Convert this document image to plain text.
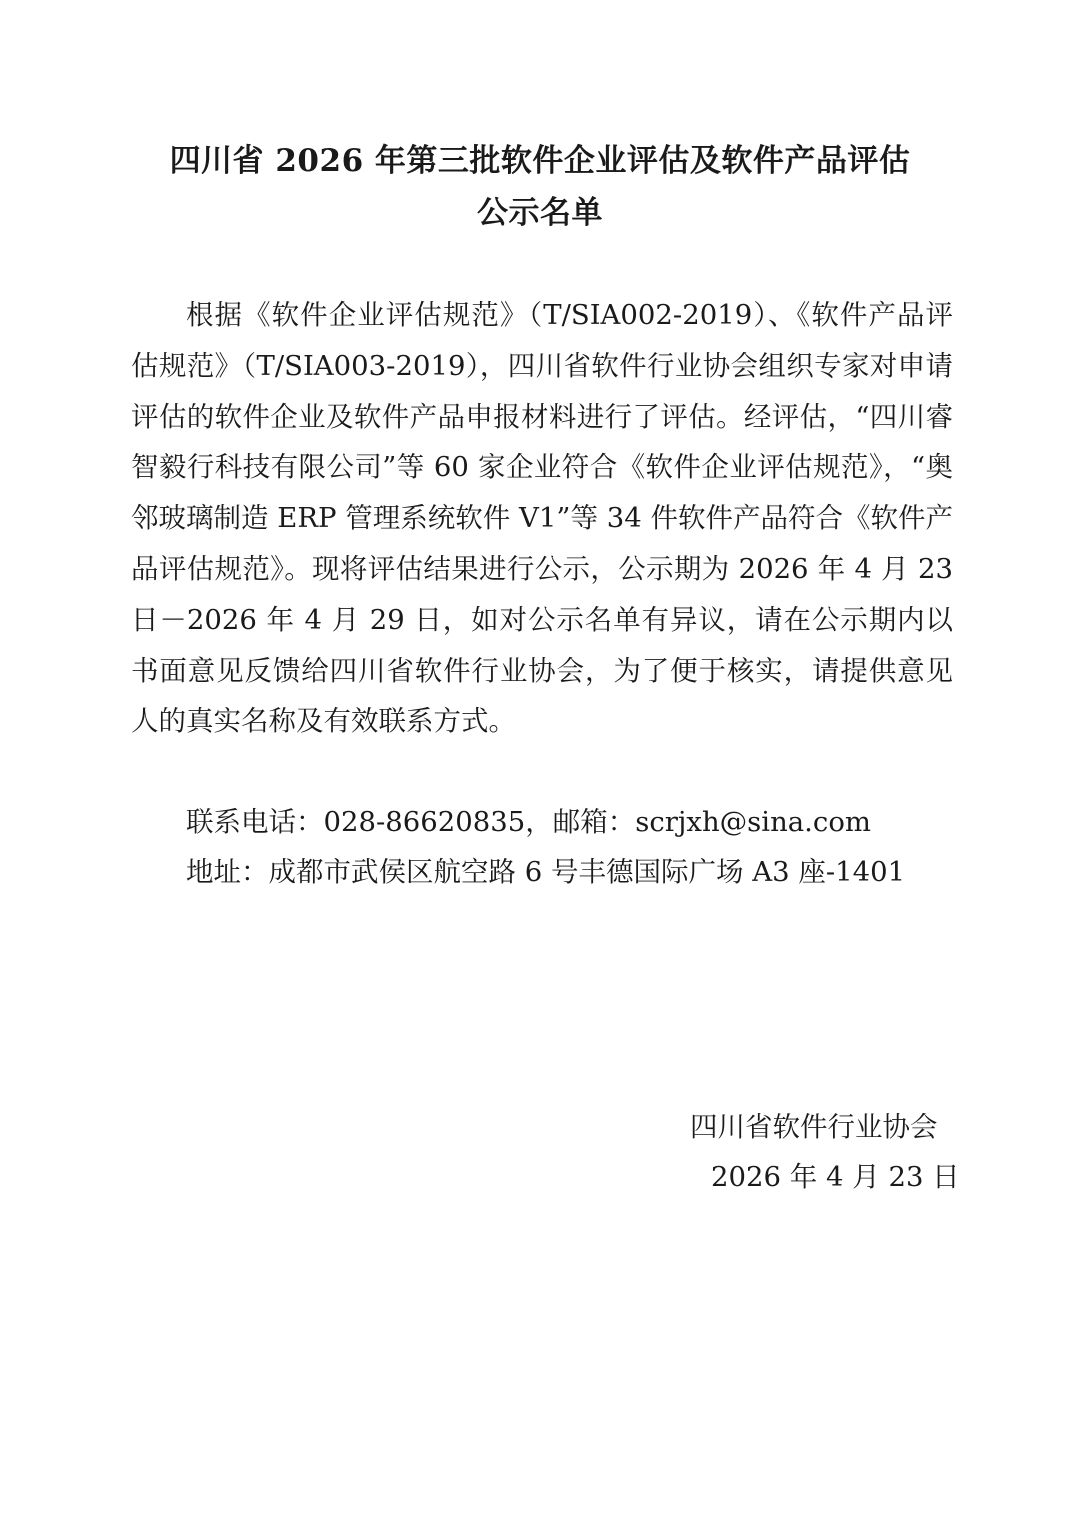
四川省 2026 年第三批软件企业评估及软件产品评估
公示名单

根据《软件企业评估规范》（T/SIA002-2019）、《软件产品评估规范》（T/SIA003-2019），四川省软件行业协会组织专家对申请评估的软件企业及软件产品申报材料进行了评估。经评估，“四川睿智毅行科技有限公司”等 60 家企业符合《软件企业评估规范》，“奥邻玻璃制造 ERP 管理系统软件 V1”等 34 件软件产品符合《软件产品评估规范》。现将评估结果进行公示，公示期为 2026 年 4 月 23 日－2026 年 4 月 29 日，如对公示名单有异议，请在公示期内以书面意见反馈给四川省软件行业协会，为了便于核实，请提供意见人的真实名称及有效联系方式。

联系电话：028-86620835，邮箱：scrjxh@sina.com
地址：成都市武侯区航空路 6 号丰德国际广场 A3 座-1401
四川省软件行业协会
2026 年 4 月 23 日
